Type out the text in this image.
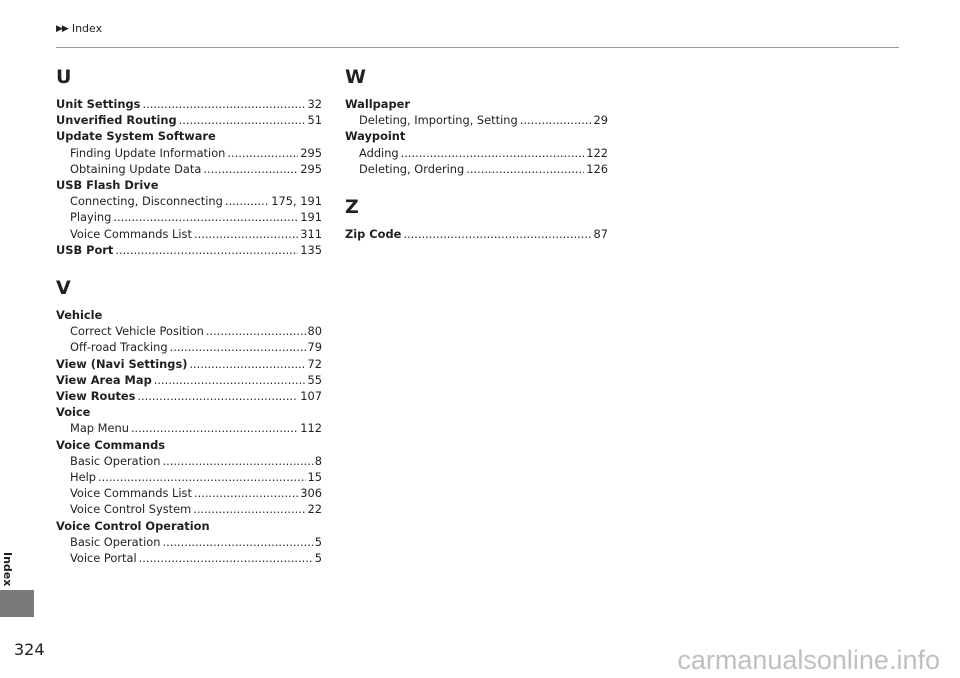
▶▶ Index
U
Unit Settings .....	32
Unverified Routing .....	51
Update System Software
Finding Update Information .....	295
Obtaining Update Data .....	295
USB Flash Drive
Connecting, Disconnecting .....	175, 191
Playing .....	191
Voice Commands List .....	311
USB Port .....	135
V
Vehicle
Correct Vehicle Position .....	80
Off-road Tracking .....	79
View (Navi Settings) .....	72
View Area Map .....	55
View Routes .....	107
Voice
Map Menu .....	112
Voice Commands
Basic Operation .....	8
Help .....	15
Voice Commands List .....	306
Voice Control System .....	22
Voice Control Operation
Basic Operation .....	5
Voice Portal .....	5
W
Wallpaper
Deleting, Importing, Setting .....	29
Waypoint
Adding .....	122
Deleting, Ordering .....	126
Z
Zip Code .....	87
Index
324	carmanualsonline.info
